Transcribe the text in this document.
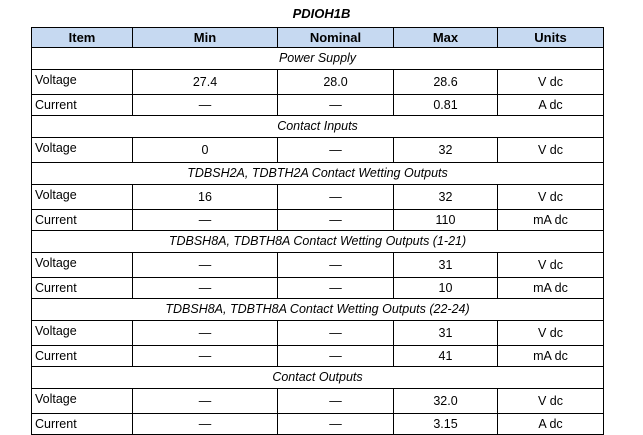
PDIOH1B
Item	Min	Nominal	Max	Units
Power Supply				
Voltage	27.4	28.0	28.6	V dc
Current	—	—	0.81	A dc
Contact Inputs				
Voltage	0	—	32	V dc
TDBSH2A, TDBTH2A Contact Wetting Outputs				
Voltage	16	—	32	V dc
Current	—	—	110	mA dc
TDBSH8A, TDBTH8A Contact Wetting Outputs (1-21)				
Voltage	—	—	31	V dc
Current	—	—	10	mA dc
TDBSH8A, TDBTH8A Contact Wetting Outputs (22-24)				
Voltage	—	—	31	V dc
Current	—	—	41	mA dc
Contact Outputs				
Voltage	—	—	32.0	V dc
Current	—	—	3.15	A dc
